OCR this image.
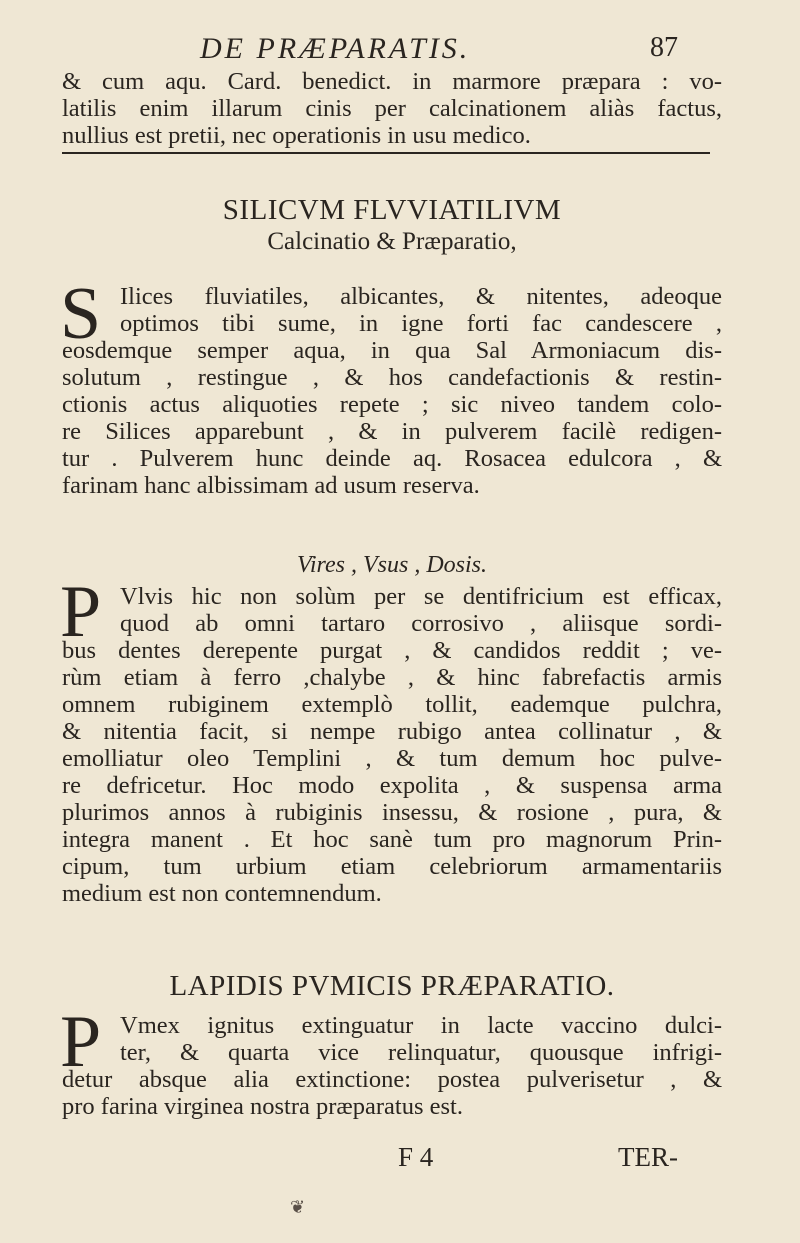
DE PRÆPARATIS.	87
& cum aqu. Card. benedict. in marmore præpara : vo-
latilis enim illarum cinis per calcinationem aliàs factus,
nullius est pretii, nec operationis in usu medico.
SILICVM FLVVIATILIVM
Calcinatio & Præparatio,
S Ilices fluviatiles, albicantes, & nitentes, adeoque
optimos tibi sume, in igne forti fac candescere ,
eosdemque semper aqua, in qua Sal Armoniacum dis-
solutum , restingue , & hos candefactionis & restin-
ctionis actus aliquoties repete ; sic niveo tandem colo-
re Silices apparebunt , & in pulverem facilè redigen-
tur . Pulverem hunc deinde aq. Rosacea edulcora , &
farinam hanc albissimam ad usum reserva.
Vires , Vsus , Dosis.
P Vlvis hic non solùm per se dentifricium est efficax,
quod ab omni tartaro corrosivo , aliisque sordi-
bus dentes derepente purgat , & candidos reddit ; ve-
rùm etiam à ferro ,chalybe , & hinc fabrefactis armis
omnem rubiginem extemplò tollit, eademque pulchra,
& nitentia facit, si nempe rubigo antea collinatur , &
emolliatur oleo Templini , & tum demum hoc pulve-
re defricetur. Hoc modo expolita , & suspensa arma
plurimos annos à rubiginis insessu, & rosione , pura, &
integra manent . Et hoc sanè tum pro magnorum Prin-
cipum, tum urbium etiam celebriorum armamentariis
medium est non contemnendum.
LAPIDIS PVMICIS PRÆPARATIO.
P Vmex ignitus extinguatur in lacte vaccino dulci-
ter, & quarta vice relinquatur, quousque infrigi-
detur absque alia extinctione: postea pulverisetur , &
pro farina virginea nostra præparatus est.
F 4	TER-
❦
